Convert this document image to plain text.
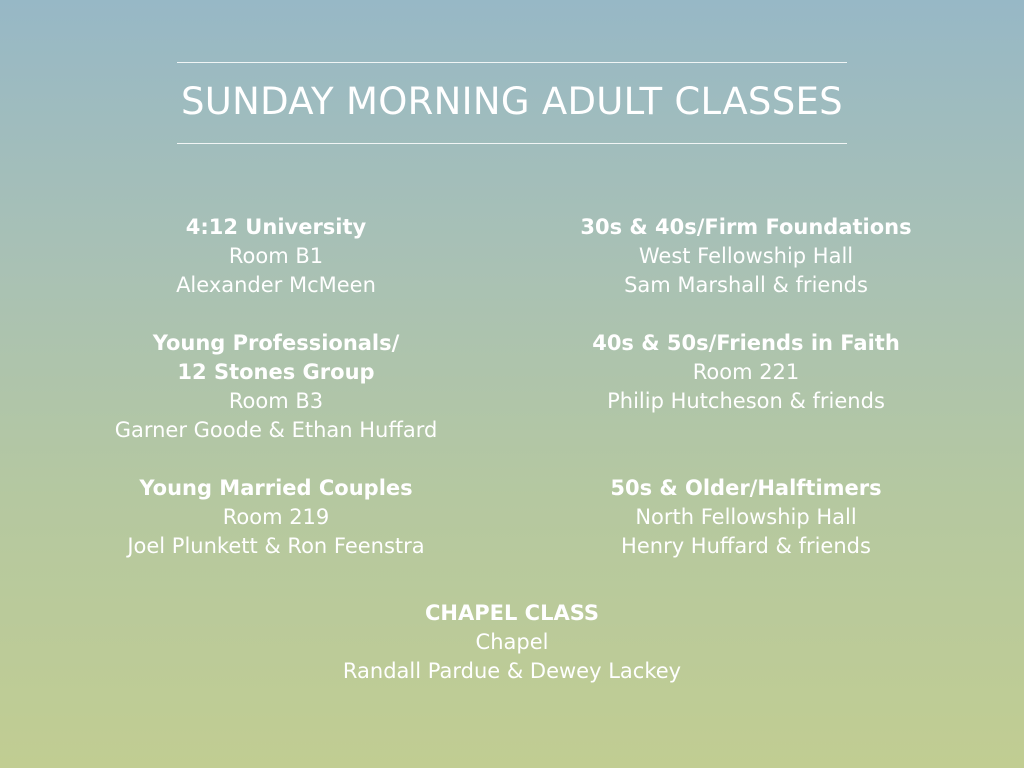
SUNDAY MORNING ADULT CLASSES
4:12 University
Room B1
Alexander McMeen
Young Professionals/
12 Stones Group
Room B3
Garner Goode & Ethan Huffard
Young Married Couples
Room 219
Joel Plunkett & Ron Feenstra
30s & 40s/Firm Foundations
West Fellowship Hall
Sam Marshall & friends
40s & 50s/Friends in Faith
Room 221
Philip Hutcheson & friends
50s & Older/Halftimers
North Fellowship Hall
Henry Huffard & friends
CHAPEL CLASS
Chapel
Randall Pardue & Dewey Lackey
